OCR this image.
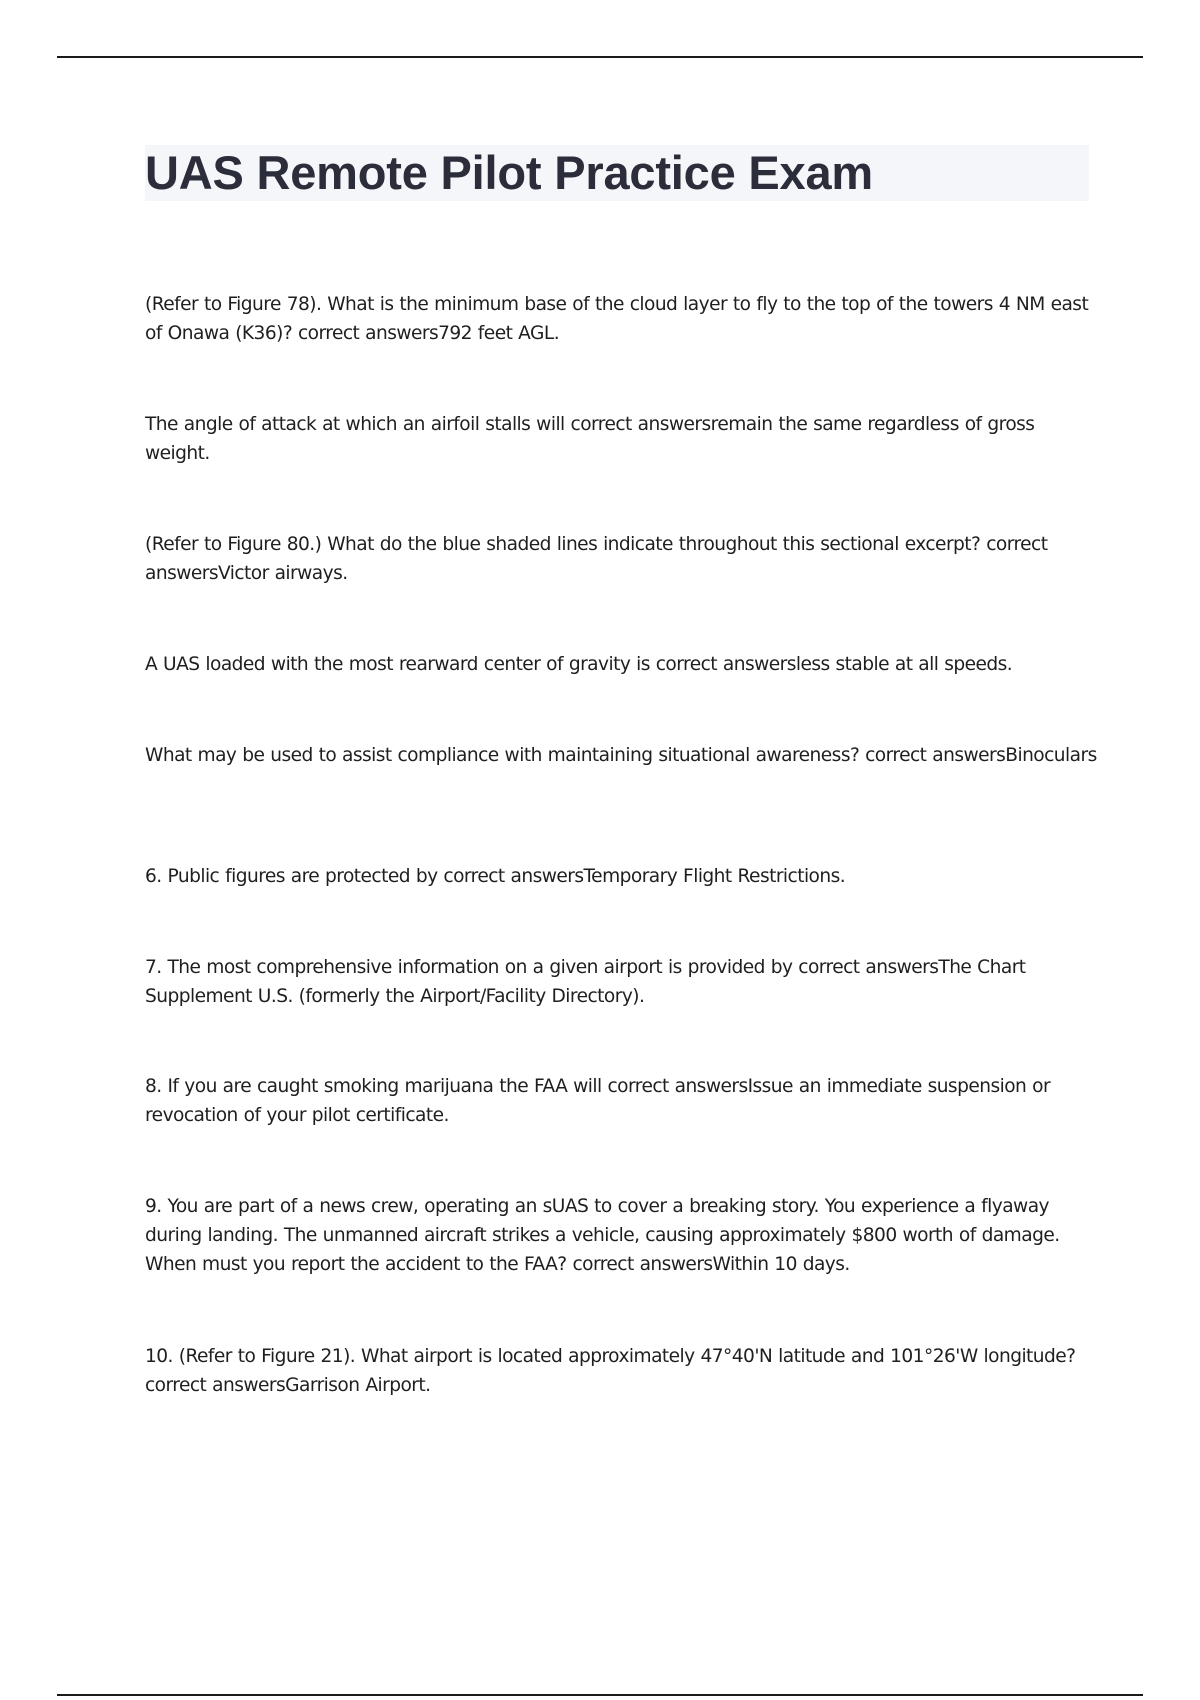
UAS Remote Pilot Practice Exam

(Refer to Figure 78). What is the minimum base of the cloud layer to fly to the top of the towers 4 NM east of Onawa (K36)? correct answers792 feet AGL.

The angle of attack at which an airfoil stalls will correct answersremain the same regardless of gross weight.

(Refer to Figure 80.) What do the blue shaded lines indicate throughout this sectional excerpt? correct answersVictor airways.

A UAS loaded with the most rearward center of gravity is correct answersless stable at all speeds.

What may be used to assist compliance with maintaining situational awareness? correct answersBinoculars

6. Public figures are protected by correct answersTemporary Flight Restrictions.

7. The most comprehensive information on a given airport is provided by correct answersThe Chart Supplement U.S. (formerly the Airport/Facility Directory).

8. If you are caught smoking marijuana the FAA will correct answersIssue an immediate suspension or revocation of your pilot certificate.

9. You are part of a news crew, operating an sUAS to cover a breaking story. You experience a flyaway during landing. The unmanned aircraft strikes a vehicle, causing approximately $800 worth of damage. When must you report the accident to the FAA? correct answersWithin 10 days.

10. (Refer to Figure 21). What airport is located approximately 47°40'N latitude and 101°26'W longitude? correct answersGarrison Airport.
